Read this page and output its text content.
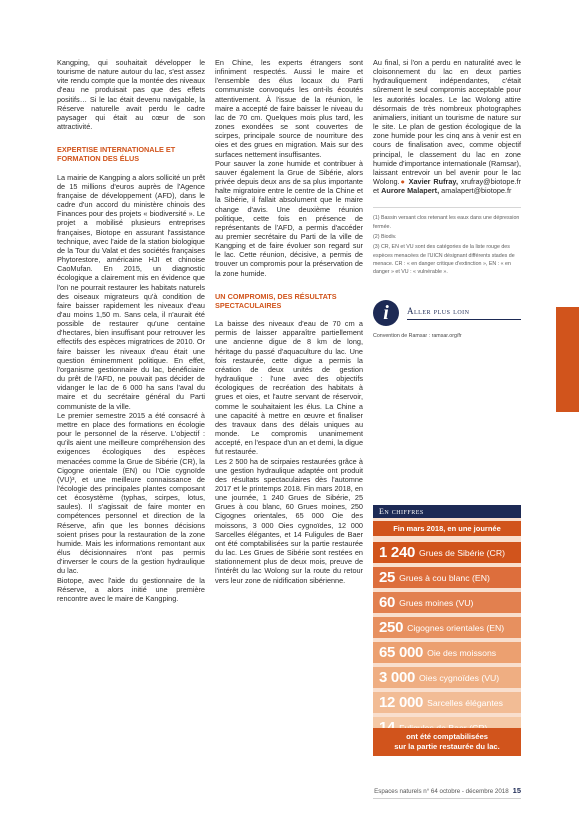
Kangping, qui souhaitait développer le tourisme de nature autour du lac, s'est assez vite rendu compte que la montée des niveaux d'eau ne produisait pas que des effets positifs… Si le lac était devenu navigable, la Réserve naturelle avait perdu le cadre paysager qui était au cœur de son attractivité.

EXPERTISE INTERNATIONALE ET FORMATION DES ÉLUS

La mairie de Kangping a alors sollicité un prêt de 15 millions d'euros auprès de l'Agence française de développement (AFD), dans le cadre d'un accord du ministère chinois des Finances pour des projets « biodiversité ». Le projet a mobilisé plusieurs entreprises françaises, Biotope en assurant l'assistance technique, avec l'aide de la station biologique de la Tour du Valat et des sociétés françaises Phytorestore, américaine HJI et chinoise CaoMufan. En 2015, un diagnostic écologique a clairement mis en évidence que l'on ne pourrait restaurer les habitats naturels des oiseaux migrateurs qu'à condition de faire baisser rapidement les niveaux d'eau d'au moins 1,50 m. Sans cela, il n'aurait été possible de restaurer qu'une centaine d'hectares, bien insuffisant pour retrouver les effectifs des espèces migratrices de 2010. Or faire baisser les niveaux d'eau était une question éminemment politique. En effet, l'organisme gestionnaire du lac, bénéficiaire du prêt de l'AFD, ne pouvait pas décider de vidanger le lac de 6 000 ha sans l'aval du maire et du secrétaire général du Parti communiste de la ville.

Le premier semestre 2015 a été consacré à mettre en place des formations en écologie pour le personnel de la réserve. L'objectif : qu'ils aient une meilleure compréhension des exigences écologiques des espèces menacées comme la Grue de Sibérie (CR), la Cigogne orientale (EN) ou l'Oie cygnoïde (VU)³, et une meilleure connaissance de l'écologie des principales plantes composant cet écosystème (typhas, scirpes, lotus, saules). Il s'agissait de faire monter en compétences personnel et direction de la Réserve, afin que les bonnes décisions soient prises pour la restauration de la zone humide. Mais les informations remontant aux élus décisionnaires n'ont pas permis d'inverser le cours de la gestion hydraulique du lac.

Biotope, avec l'aide du gestionnaire de la Réserve, a alors initié une première rencontre avec le maire de Kangping.

En Chine, les experts étrangers sont infiniment respectés. Aussi le maire et l'ensemble des élus locaux du Parti communiste convoqués les ont-ils écoutés attentivement. À l'issue de la réunion, le maire a accepté de faire baisser le niveau du lac de 70 cm. Quelques mois plus tard, les zones exondées se sont couvertes de scirpes, principale source de nourriture des oies et des grues en migration. Mais sur des surfaces nettement insuffisantes.

Pour sauver la zone humide et contribuer à sauver également la Grue de Sibérie, alors privée depuis deux ans de sa plus importante halte migratoire entre le centre de la Chine et la Sibérie, il fallait absolument que le maire change d'avis. Une deuxième réunion politique, cette fois en présence de représentants de l'AFD, a permis d'accéder au premier secrétaire du Parti de la ville de Kangping et de faire évoluer son regard sur le lac. Cette réunion, décisive, a permis de trouver un compromis pour la préservation de la zone humide.

UN COMPROMIS, DES RÉSULTATS SPECTACULAIRES

La baisse des niveaux d'eau de 70 cm a permis de laisser apparaître partiellement une ancienne digue de 8 km de long, héritage du passé d'aquaculture du lac. Une fois restaurée, cette digue a permis la création de deux unités de gestion hydraulique : l'une avec des objectifs écologiques de recréation des habitats à grues et oies, et l'autre servant de réservoir, comme le souhaitaient les élus. La Chine a une capacité à mettre en œuvre et finaliser des travaux dans des délais uniques au monde. Le compromis unanimement accepté, en l'espace d'un an et demi, la digue fut restaurée.

Les 2 500 ha de scirpaies restaurées grâce à une gestion hydraulique adaptée ont produit des résultats spectaculaires dès l'automne 2017 et le printemps 2018. Fin mars 2018, en une journée, 1 240 Grues de Sibérie, 25 Grues à cou blanc, 60 Grues moines, 250 Cigognes orientales, 65 000 Oie des moissons, 3 000 Oies cygnoïdes, 12 000 Sarcelles élégantes, et 14 Fuligules de Baer ont été comptabilisées sur la partie restaurée du lac. Les Grues de Sibérie sont restées en stationnement plus de deux mois, preuve de l'intérêt du lac Wolong sur la route du retour vers leur zone de nidification sibérienne.

Au final, si l'on a perdu en naturalité avec le cloisonnement du lac en deux parties hydrauliquement indépendantes, c'était sûrement le seul compromis acceptable pour les autorités locales. Le lac Wolong attire désormais de très nombreux photographes animaliers, initiant un tourisme de nature sur le site. Le plan de gestion écologique de la zone humide pour les cinq ans à venir est en cours de finalisation avec, comme objectif principal, le classement du lac en zone humide d'importance internationale (Ramsar), laissant entrevoir un bel avenir pour le lac Wolong.● Xavier Rufray, xrufray@biotope.fr et Aurore Malapert, amalapert@biotope.fr

(1) Bassin versant clos retenant les eaux dans une dépression fermée.

(2) Biodiv.

(3) CR, EN et VU sont des catégories de la liste rouge des espèces menacées de l'UICN désignant différents stades de menace. CR : « en danger critique d'extinction », EN : « en danger » et VU : « vulnérable ».

i	Aller plus loin
Convention de Ramsar : ramsar.org/fr
En chiffres
Fin mars 2018, en une journée
1 240 Grues de Sibérie (CR)
25 Grues à cou blanc (EN)
60 Grues moines (VU)
250 Cigognes orientales (EN)
65 000 Oie des moissons
3 000 Oies cygnoïdes (VU)
12 000 Sarcelles élégantes
ont été comptabilisées
sur la partie restaurée du lac.
Espaces naturels n° 64 octobre - décembre 2018 15
